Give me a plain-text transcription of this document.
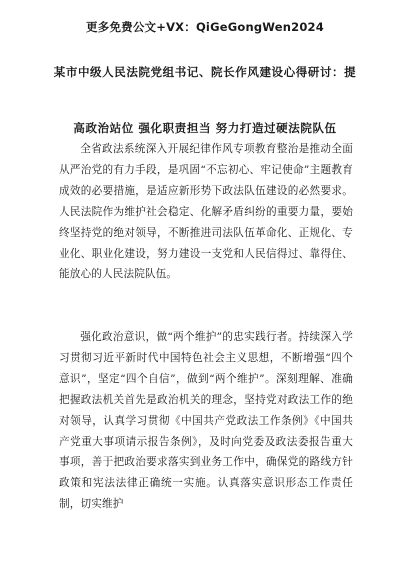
更多免费公文+VX：QiGeGongWen2024
某市中级人民法院党组书记、院长作风建设心得研讨：提
高政治站位 强化职责担当 努力打造过硬法院队伍

全省政法系统深入开展纪律作风专项教育整治是推动全面从严治党的有力手段，是巩固“不忘初心、牢记使命”主题教育成效的必要措施，是适应新形势下政法队伍建设的必然要求。人民法院作为维护社会稳定、化解矛盾纠纷的重要力量，要始终坚持党的绝对领导，不断推进司法队伍革命化、正规化、专业化、职业化建设，努力建设一支党和人民信得过、靠得住、能放心的人民法院队伍。

强化政治意识，做“两个维护”的忠实践行者。持续深入学习贯彻习近平新时代中国特色社会主义思想，不断增强“四个意识”，坚定“四个自信”，做到“两个维护”。深刻理解、准确把握政法机关首先是政治机关的理念，坚持党对政法工作的绝对领导，认真学习贯彻《中国共产党政法工作条例》《中国共产党重大事项请示报告条例》，及时向党委及政法委报告重大事项，善于把政治要求落实到业务工作中，确保党的路线方针政策和宪法法律正确统一实施。认真落实意识形态工作责任制，切实维护
